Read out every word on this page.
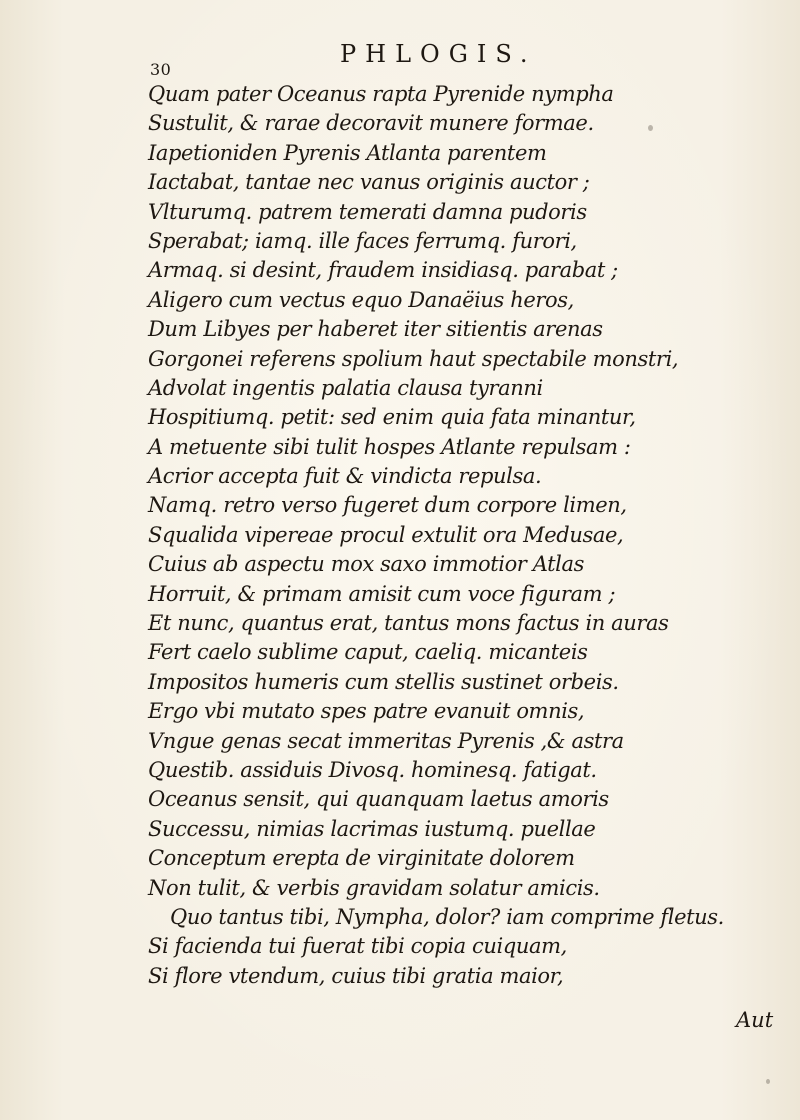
30
PHLOGIS.
Quam pater Oceanus rapta Pyrenide nympha
Sustulit, & rarae decoravit munere formae.
Iapetioniden Pyrenis Atlanta parentem
Iactabat, tantae nec vanus originis auctor ;
Vlturumq. patrem temerati damna pudoris
Sperabat; iamq. ille faces ferrumq. furori,
Armaq. si desint, fraudem insidiasq. parabat ;
Aligero cum vectus equo Danaëius heros,
Dum Libyes per haberet iter sitientis arenas
Gorgonei referens spolium haut spectabile monstri,
Advolat ingentis palatia clausa tyranni
Hospitiumq. petit: sed enim quia fata minantur,
A metuente sibi tulit hospes Atlante repulsam :
Acrior accepta fuit & vindicta repulsa.
Namq. retro verso fugeret dum corpore limen,
Squalida vipereae procul extulit ora Medusae,
Cuius ab aspectu mox saxo immotior Atlas
Horruit, & primam amisit cum voce figuram ;
Et nunc, quantus erat, tantus mons factus in auras
Fert caelo sublime caput, caeliq. micanteis
Impositos humeris cum stellis sustinet orbeis.
Ergo vbi mutato spes patre evanuit omnis,
Vngue genas secat immeritas Pyrenis ,& astra
Questib. assiduis Divosq. hominesq. fatigat.
Oceanus sensit, qui quanquam laetus amoris
Successu, nimias lacrimas iustumq. puellae
Conceptum erepta de virginitate dolorem
Non tulit, & verbis gravidam solatur amicis.
Quo tantus tibi, Nympha, dolor? iam comprime fletus.
Si facienda tui fuerat tibi copia cuiquam,
Si flore vtendum, cuius tibi gratia maior,
Aut
